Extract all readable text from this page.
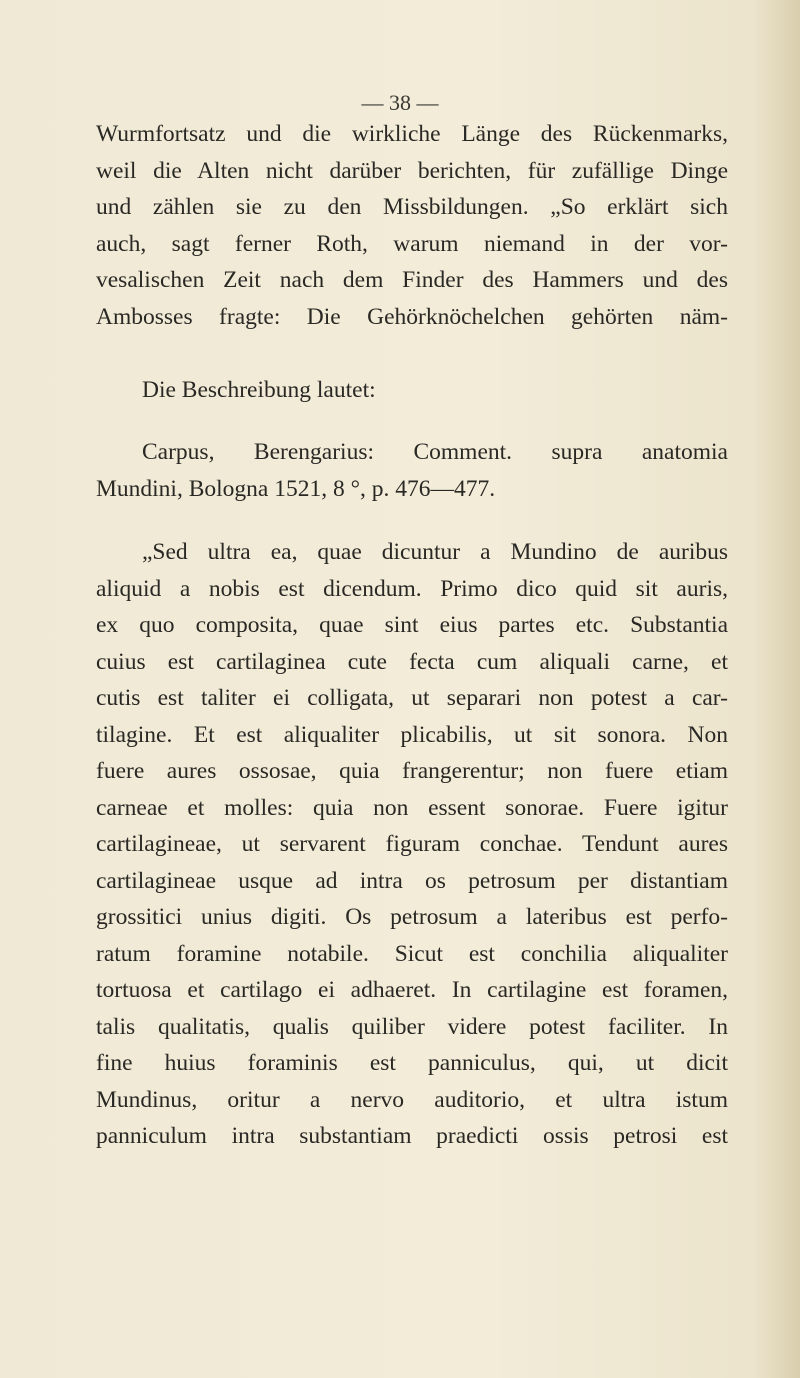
— 38 —
Wurmfortsatz und die wirkliche Länge des Rückenmarks,
weil die Alten nicht darüber berichten, für zufällige Dinge
und zählen sie zu den Missbildungen. „So erklärt sich
auch, sagt ferner Roth, warum niemand in der vor-
vesalischen Zeit nach dem Finder des Hammers und des
Ambosses fragte: Die Gehörknöchelchen gehörten näm-
Die Beschreibung lautet:
Carpus, Berengarius: Comment. supra anatomia
Mundini, Bologna 1521, 8 °, p. 476—477.
„Sed ultra ea, quae dicuntur a Mundino de auribus
aliquid a nobis est dicendum. Primo dico quid sit auris,
ex quo composita, quae sint eius partes etc. Substantia
cuius est cartilaginea cute fecta cum aliquali carne, et
cutis est taliter ei colligata, ut separari non potest a car-
tilagine. Et est aliqualiter plicabilis, ut sit sonora. Non
fuere aures ossosae, quia frangerentur; non fuere etiam
carneae et molles: quia non essent sonorae. Fuere igitur
cartilagineae, ut servarent figuram conchae. Tendunt aures
cartilagineae usque ad intra os petrosum per distantiam
grossitici unius digiti. Os petrosum a lateribus est perfo-
ratum foramine notabile. Sicut est conchilia aliqualiter
tortuosa et cartilago ei adhaeret. In cartilagine est foramen,
talis qualitatis, qualis quiliber videre potest faciliter. In
fine huius foraminis est panniculus, qui, ut dicit
Mundinus, oritur a nervo auditorio, et ultra istum
panniculum intra substantiam praedicti ossis petrosi est
